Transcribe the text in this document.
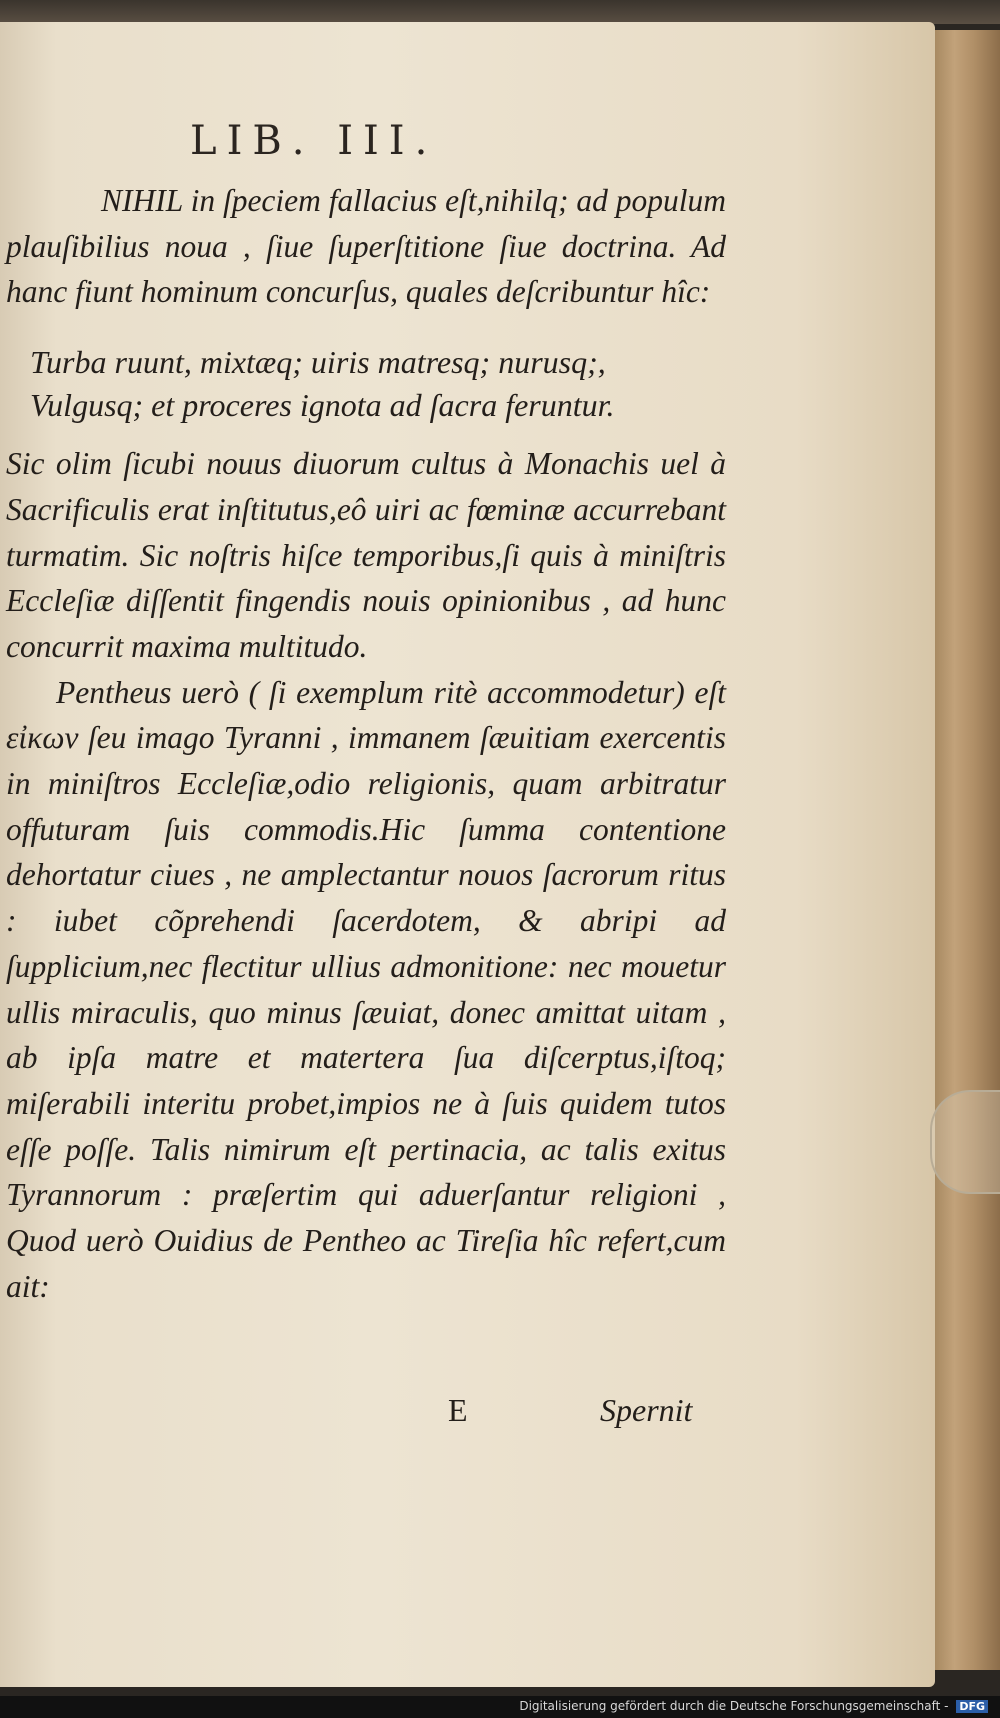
LIB. III.

NIHIL in ſpeciem fallacius eſt,nihilq; ad populum plauſibilius noua , ſiue ſuperſtitione ſiue doctrina. Ad hanc fiunt hominum concurſus, quales deſcribuntur hîc:

Turba ruunt, mixtæq; uiris matresq; nurusq;,
Vulgusq; et proceres ignota ad ſacra feruntur.

Sic olim ſicubi nouus diuorum cultus à Monachis uel à Sacrificulis erat inſtitutus,eô uiri ac fœminæ accurrebant turmatim. Sic noſtris hiſce temporibus,ſi quis à miniſtris Eccleſiæ diſſentit fingendis nouis opinionibus , ad hunc concurrit maxima multitudo.

Pentheus uerò ( ſi exemplum ritè accommodetur) eſt εἰκων ſeu imago Tyranni , immanem ſæuitiam exercentis in miniſtros Eccleſiæ,odio religionis, quam arbitratur offuturam ſuis commodis.Hic ſumma contentione dehortatur ciues , ne amplectantur nouos ſacrorum ritus : iubet cõprehendi ſacerdotem, & abripi ad ſupplicium,nec flectitur ullius admonitione: nec mouetur ullis miraculis, quo minus ſæuiat, donec amittat uitam , ab ipſa matre et matertera ſua diſcerptus,iſtoq; miſerabili interitu probet,impios ne à ſuis quidem tutos eſſe poſſe. Talis nimirum eſt pertinacia, ac talis exitus Tyrannorum : præſertim qui aduerſantur religioni , Quod uerò Ouidius de Pentheo ac Tireſia hîc refert,cum ait:

E	Spernit
Digitalisierung gefördert durch die Deutsche Forschungsgemeinschaft - DFG
